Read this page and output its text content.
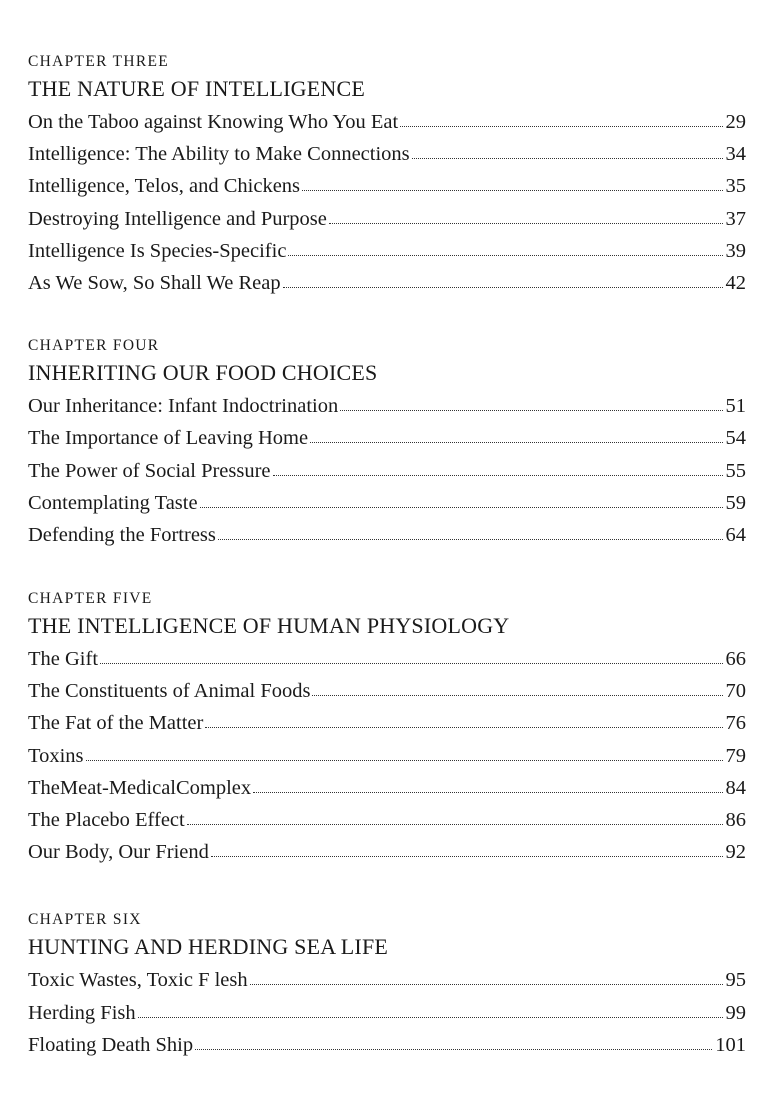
CHAPTER THREE
THE NATURE OF INTELLIGENCE
On the Taboo against Knowing Who You Eat	29
Intelligence: The Ability to Make Connections	34
Intelligence, Telos, and Chickens	35
Destroying Intelligence and Purpose	37
Intelligence Is Species-Specific	39
As We Sow, So Shall We Reap	42
CHAPTER FOUR
INHERITING OUR FOOD CHOICES
Our Inheritance: Infant Indoctrination	51
The Importance of Leaving Home	54
The Power of Social Pressure	55
Contemplating Taste	59
Defending the Fortress	64
CHAPTER FIVE
THE INTELLIGENCE OF HUMAN PHYSIOLOGY
The Gift	66
The Constituents of Animal Foods	70
The Fat of the Matter	76
Toxins	79
TheMeat-MedicalComplex	84
The Placebo Effect	86
Our Body, Our Friend	92
CHAPTER SIX
HUNTING AND HERDING SEA LIFE
Toxic Wastes, Toxic F lesh	95
Herding Fish	99
Floating Death Ship	101
